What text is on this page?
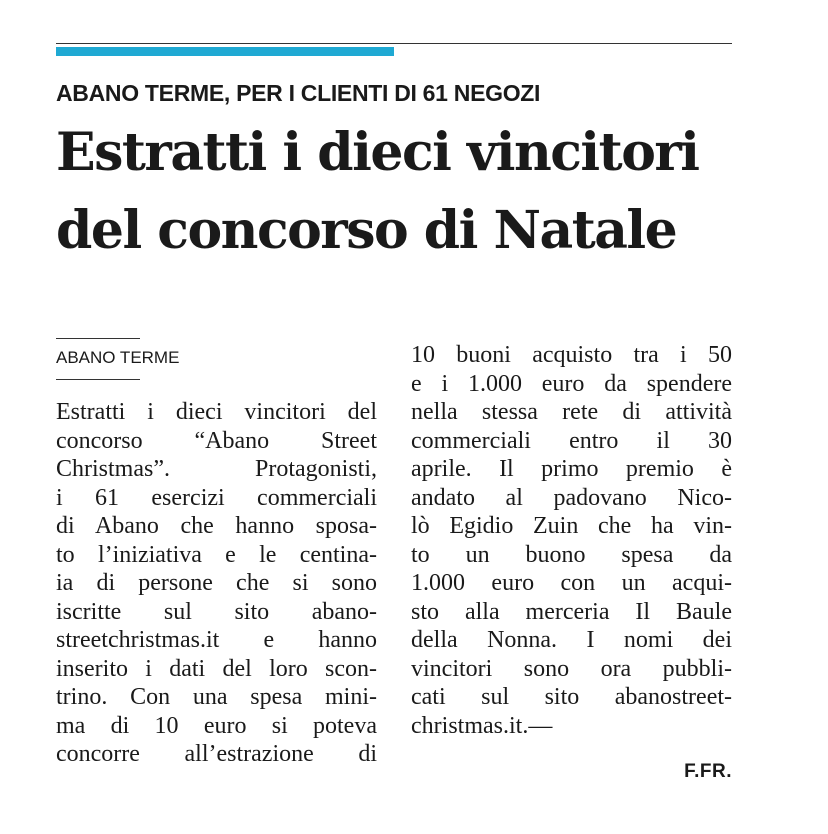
ABANO TERME, PER I CLIENTI DI 61 NEGOZI
Estratti i dieci vincitori
del concorso di Natale
ABANO TERME
Estratti i dieci vincitori del
concorso “Abano Street
Christmas”. Protagonisti,
i 61 esercizi commerciali
di Abano che hanno sposa-
to l’iniziativa e le centina-
ia di persone che si sono
iscritte sul sito abano-
streetchristmas.it e hanno
inserito i dati del loro scon-
trino. Con una spesa mini-
ma di 10 euro si poteva
concorre all’estrazione di
10 buoni acquisto tra i 50
e i 1.000 euro da spendere
nella stessa rete di attività
commerciali entro il 30
aprile. Il primo premio è
andato al padovano Nico-
lò Egidio Zuin che ha vin-
to un buono spesa da
1.000 euro con un acqui-
sto alla merceria Il Baule
della Nonna. I nomi dei
vincitori sono ora pubbli-
cati sul sito abanostreet-
christmas.it.—
F.FR.
